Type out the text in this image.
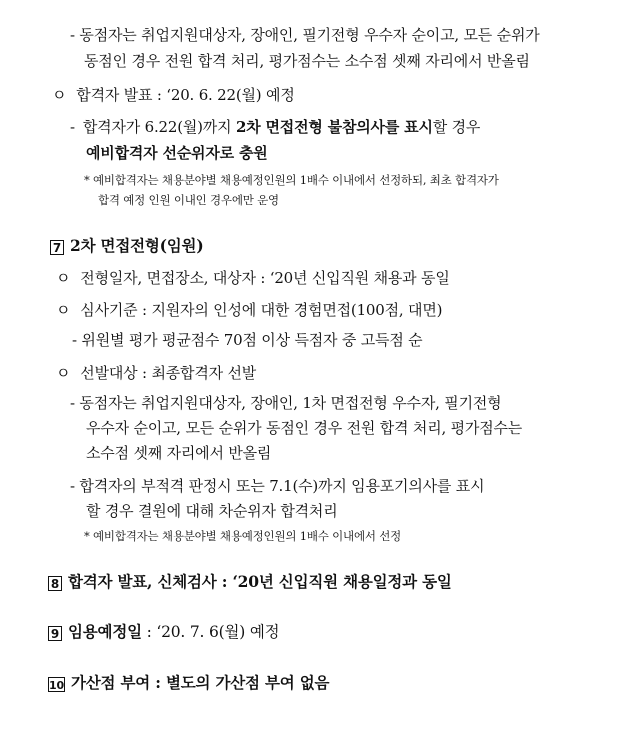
- 동점자는 취업지원대상자, 장애인, 필기전형 우수자 순이고, 모든 순위가
동점인 경우 전원 합격 처리, 평가점수는 소수점 셋째 자리에서 반올림
ㅇ 합격자 발표 : ‘20. 6. 22(월) 예정
- 합격자가 6.22(월)까지 2차 면접전형 불참의사를 표시할 경우
예비합격자 선순위자로 충원
* 예비합격자는 채용분야별 채용예정인원의 1배수 이내에서 선정하되, 최초 합격자가
합격 예정 인원 이내인 경우에만 운영
7 2차 면접전형(임원)
ㅇ 전형일자, 면접장소, 대상자 : ‘20년 신입직원 채용과 동일
ㅇ 심사기준 : 지원자의 인성에 대한 경험면접(100점, 대면)
- 위원별 평가 평균점수 70점 이상 득점자 중 고득점 순
ㅇ 선발대상 : 최종합격자 선발
- 동점자는 취업지원대상자, 장애인, 1차 면접전형 우수자, 필기전형
우수자 순이고, 모든 순위가 동점인 경우 전원 합격 처리, 평가점수는
소수점 셋째 자리에서 반올림
- 합격자의 부적격 판정시 또는 7.1(수)까지 임용포기의사를 표시
할 경우 결원에 대해 차순위자 합격처리
* 예비합격자는 채용분야별 채용예정인원의 1배수 이내에서 선정
8 합격자 발표, 신체검사 : ‘20년 신입직원 채용일정과 동일
9 임용예정일 : ‘20. 7. 6(월) 예정
10 가산점 부여 : 별도의 가산점 부여 없음
